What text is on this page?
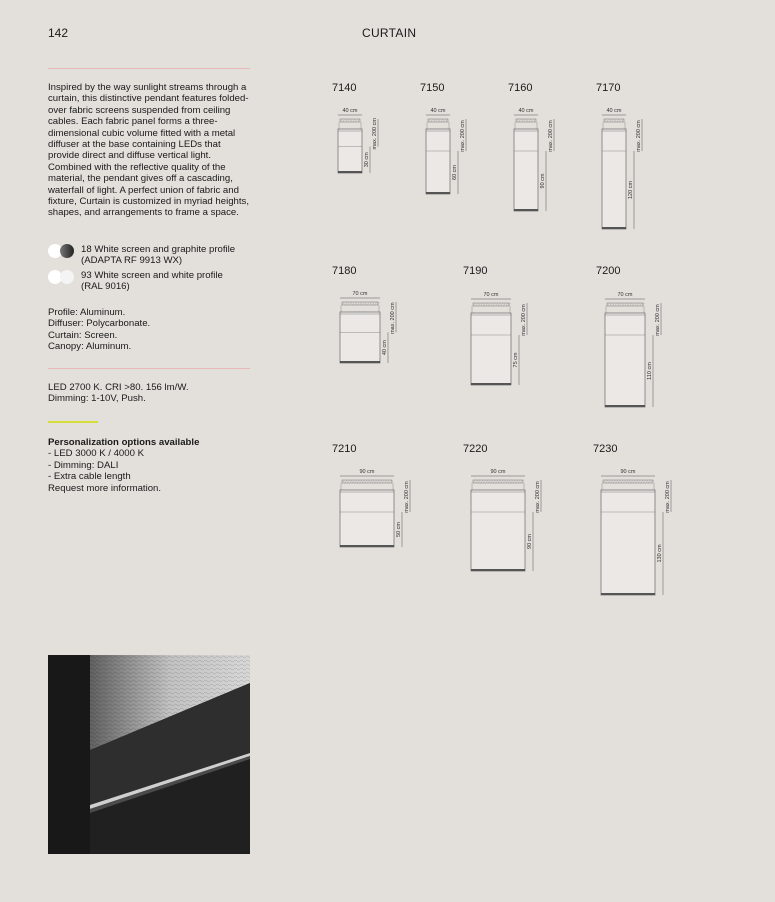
142	CURTAIN
Inspired by the way sunlight streams through a curtain, this distinctive pendant features folded-over fabric screens suspended from ceiling cables. Each fabric panel forms a three-dimensional cubic volume fitted with a metal diffuser at the base containing LEDs that provide direct and diffuse vertical light. Combined with the reflective quality of the material, the pendant gives off a cascading, waterfall of light. A perfect union of fabric and fixture, Curtain is customized in myriad heights, shapes, and arrangements to frame a space.
18 White screen and graphite profile
(ADAPTA RF 9913 WX)
93 White screen and white profile
(RAL 9016)
Profile: Aluminum.
Diffuser: Polycarbonate.
Curtain: Screen.
Canopy: Aluminum.
LED 2700 K. CRI >80. 156 lm/W.
Dimming: 1-10V, Push.
Personalization options available
- LED 3000 K / 4000 K
- Dimming: DALI
- Extra cable length
Request more information.
7140	7150	7160	7170
7180	7190	7200
7210	7220	7230
40 cm
max. 200 cm
30 cm
40 cm
max. 200 cm
60 cm
40 cm
max. 200 cm
90 cm
40 cm
max. 200 cm
120 cm
70 cm
max. 200 cm
40 cm
70 cm
max. 200 cm
75 cm
70 cm
max. 200 cm
110 cm
90 cm
max. 200 cm
50 cm
90 cm
max. 200 cm
90 cm
90 cm
max. 200 cm
130 cm
